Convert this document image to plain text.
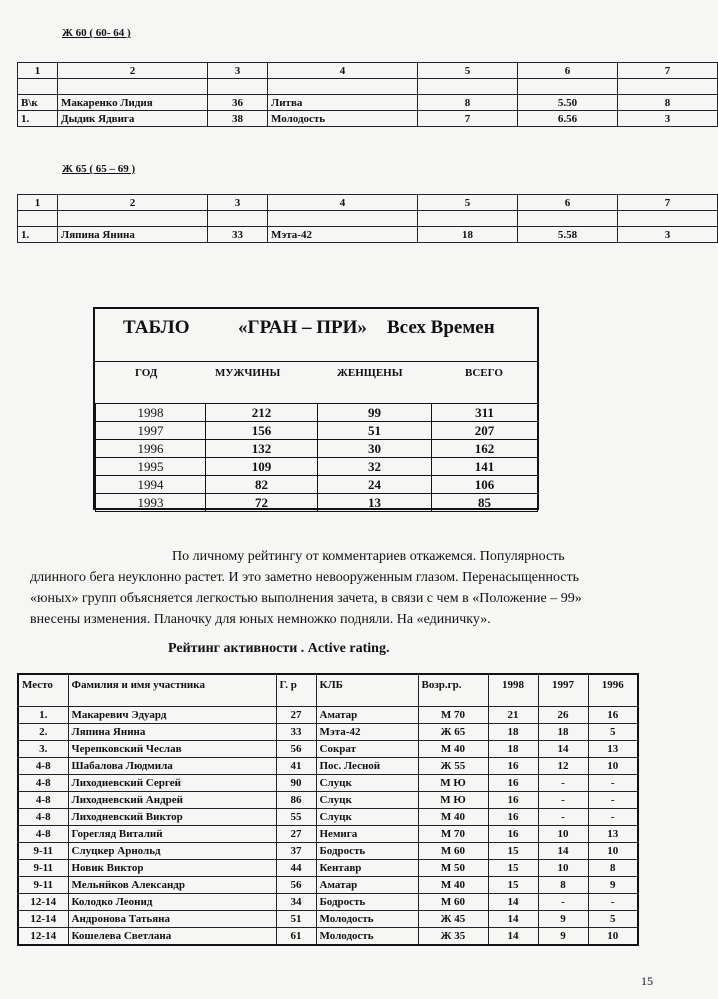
Ж 60 ( 60- 64 )
1	2	3	4	5	6	7

В\к	Макаренко Лидия	36	Литва	8	5.50	8
1.	Дыдик Ядвига	38	Молодость	7	6.56	3
Ж 65 ( 65 – 69 )
1	2	3	4	5	6	7

1.	Ляпина Янина	33	Мэта-42	18	5.58	3
ТАБЛО	«ГРАН – ПРИ» Всех Времен
ГОД	МУЖЧИНЫ	ЖЕНЩЕНЫ	ВСЕГО
1998	212	99	311
1997	156	51	207
1996	132	30	162
1995	109	32	141
1994	82	24	106
1993	72	13	85
По личному рейтингу от комментариев откажемся. Популярность
длинного бега неуклонно растет. И это заметно невооруженным глазом. Перенасыщенность
«юных» групп объясняется легкостью выполнения зачета, в связи с чем в «Положение – 99»
внесены изменения. Планочку для юных немножко подняли. На «единичку».
Рейтинг активности . Active rating.
Место	Фамилия и имя участника	Г. р	КЛБ	Возр.гр.	1998	1997	1996
1.	Макаревич Эдуард	27	Аматар	М 70	21	26	16
2.	Ляпина Янина	33	Мэта-42	Ж 65	18	18	5
3.	Черепковский Чеслав	56	Сократ	М 40	18	14	13
4-8	Шабалова Людмила	41	Пос. Лесной	Ж 55	16	12	10
4-8	Лиходиевский Сергей	90	Слуцк	М Ю	16	-	-
4-8	Лиходневский Андрей	86	Слуцк	М Ю	16	-	-
4-8	Лиходневский Виктор	55	Слуцк	М 40	16	-	-
4-8	Горегляд Виталий	27	Немига	М 70	16	10	13
9-11	Слуцкер Арнольд	37	Бодрость	М 60	15	14	10
9-11	Новик Виктор	44	Кентавр	М 50	15	10	8
9-11	Мельнйков Александр	56	Аматар	М 40	15	8	9
12-14	Колодко Леонид	34	Бодрость	М 60	14	-	-
12-14	Андронова Татьяна	51	Молодость	Ж 45	14	9	5
12-14	Кошелева Светлана	61	Молодость	Ж 35	14	9	10
15
